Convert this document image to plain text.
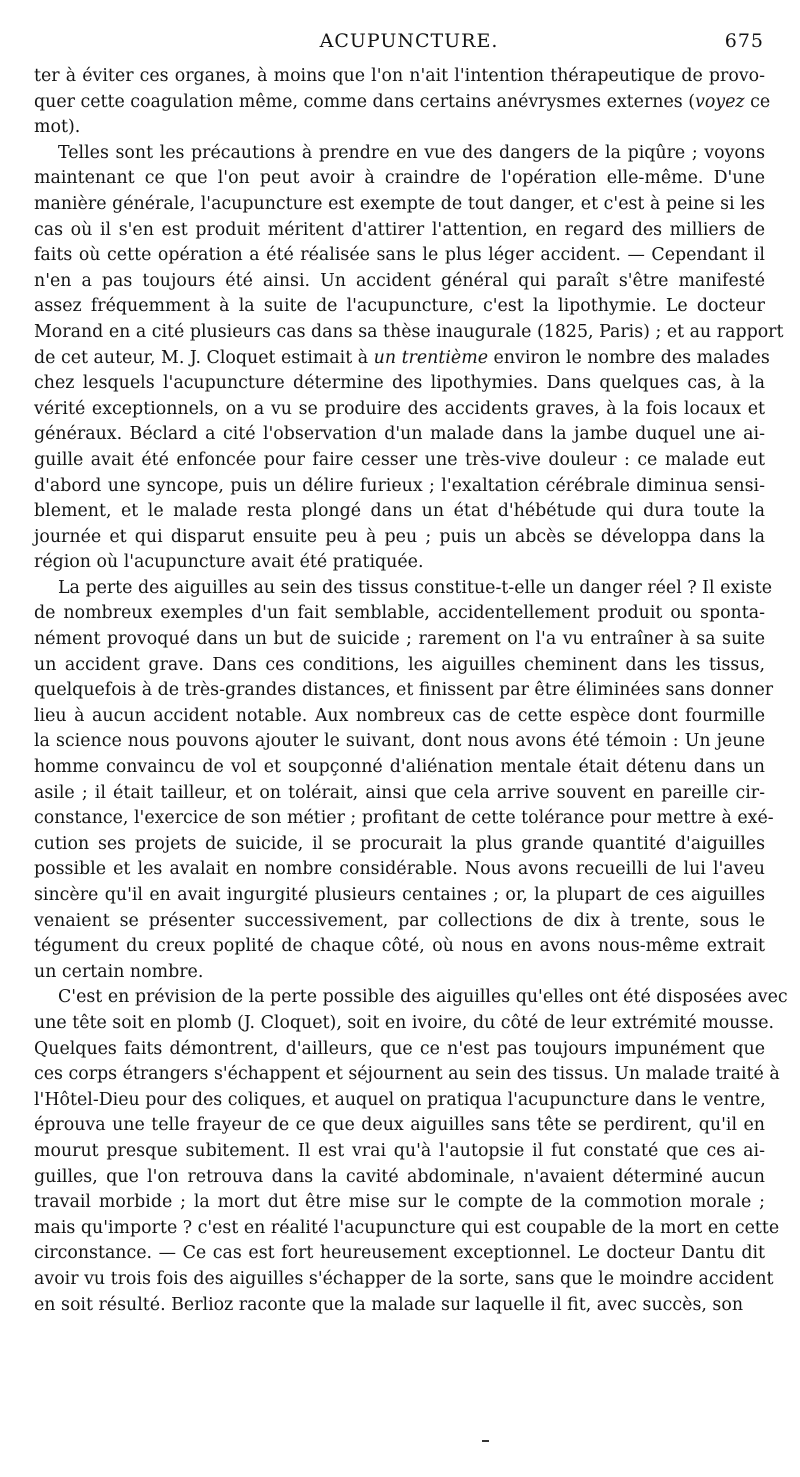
ACUPUNCTURE.	675
ter à éviter ces organes, à moins que l'on n'ait l'intention thérapeutique de provo-
quer cette coagulation même, comme dans certains anévrysmes externes (voyez ce
mot).
Telles sont les précautions à prendre en vue des dangers de la piqûre ; voyons
maintenant ce que l'on peut avoir à craindre de l'opération elle-même. D'une
manière générale, l'acupuncture est exempte de tout danger, et c'est à peine si les
cas où il s'en est produit méritent d'attirer l'attention, en regard des milliers de
faits où cette opération a été réalisée sans le plus léger accident. — Cependant il
n'en a pas toujours été ainsi. Un accident général qui paraît s'être manifesté
assez fréquemment à la suite de l'acupuncture, c'est la lipothymie. Le docteur
Morand en a cité plusieurs cas dans sa thèse inaugurale (1825, Paris) ; et au rapport
de cet auteur, M. J. Cloquet estimait à un trentième environ le nombre des malades
chez lesquels l'acupuncture détermine des lipothymies. Dans quelques cas, à la
vérité exceptionnels, on a vu se produire des accidents graves, à la fois locaux et
généraux. Béclard a cité l'observation d'un malade dans la jambe duquel une ai-
guille avait été enfoncée pour faire cesser une très-vive douleur : ce malade eut
d'abord une syncope, puis un délire furieux ; l'exaltation cérébrale diminua sensi-
blement, et le malade resta plongé dans un état d'hébétude qui dura toute la
journée et qui disparut ensuite peu à peu ; puis un abcès se développa dans la
région où l'acupuncture avait été pratiquée.
La perte des aiguilles au sein des tissus constitue-t-elle un danger réel ? Il existe
de nombreux exemples d'un fait semblable, accidentellement produit ou sponta-
nément provoqué dans un but de suicide ; rarement on l'a vu entraîner à sa suite
un accident grave. Dans ces conditions, les aiguilles cheminent dans les tissus,
quelquefois à de très-grandes distances, et finissent par être éliminées sans donner
lieu à aucun accident notable. Aux nombreux cas de cette espèce dont fourmille
la science nous pouvons ajouter le suivant, dont nous avons été témoin : Un jeune
homme convaincu de vol et soupçonné d'aliénation mentale était détenu dans un
asile ; il était tailleur, et on tolérait, ainsi que cela arrive souvent en pareille cir-
constance, l'exercice de son métier ; profitant de cette tolérance pour mettre à exé-
cution ses projets de suicide, il se procurait la plus grande quantité d'aiguilles
possible et les avalait en nombre considérable. Nous avons recueilli de lui l'aveu
sincère qu'il en avait ingurgité plusieurs centaines ; or, la plupart de ces aiguilles
venaient se présenter successivement, par collections de dix à trente, sous le
tégument du creux poplité de chaque côté, où nous en avons nous-même extrait
un certain nombre.
C'est en prévision de la perte possible des aiguilles qu'elles ont été disposées avec
une tête soit en plomb (J. Cloquet), soit en ivoire, du côté de leur extrémité mousse.
Quelques faits démontrent, d'ailleurs, que ce n'est pas toujours impunément que
ces corps étrangers s'échappent et séjournent au sein des tissus. Un malade traité à
l'Hôtel-Dieu pour des coliques, et auquel on pratiqua l'acupuncture dans le ventre,
éprouva une telle frayeur de ce que deux aiguilles sans tête se perdirent, qu'il en
mourut presque subitement. Il est vrai qu'à l'autopsie il fut constaté que ces ai-
guilles, que l'on retrouva dans la cavité abdominale, n'avaient déterminé aucun
travail morbide ; la mort dut être mise sur le compte de la commotion morale ;
mais qu'importe ? c'est en réalité l'acupuncture qui est coupable de la mort en cette
circonstance. — Ce cas est fort heureusement exceptionnel. Le docteur Dantu dit
avoir vu trois fois des aiguilles s'échapper de la sorte, sans que le moindre accident
en soit résulté. Berlioz raconte que la malade sur laquelle il fit, avec succès, son
